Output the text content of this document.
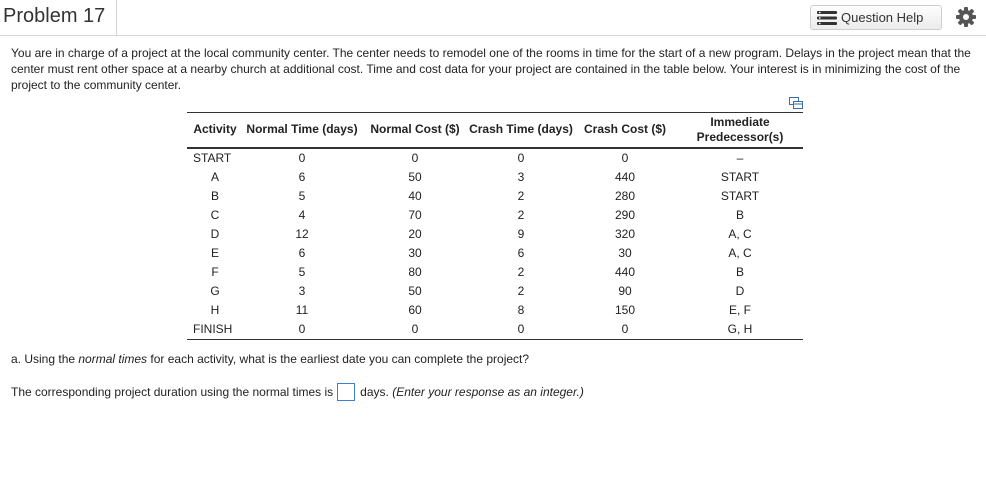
Problem 17	Question Help
You are in charge of a project at the local community center. The center needs to remodel one of the rooms in time for the start of a new program. Delays in the project mean that the center must rent other space at a nearby church at additional cost. Time and cost data for your project are contained in the table below. Your interest is in minimizing the cost of the project to the community center.
Activity	Normal Time (days)	Normal Cost ($)	Crash Time (days)	Crash Cost ($)	Immediate Predecessor(s)
START	0	0	0	0	–
A	6	50	3	440	START
B	5	40	2	280	START
C	4	70	2	290	B
D	12	20	9	320	A, C
E	6	30	6	30	A, C
F	5	80	2	440	B
G	3	50	2	90	D
H	11	60	8	150	E, F
FINISH	0	0	0	0	G, H
a. Using the normal times for each activity, what is the earliest date you can complete the project?
The corresponding project duration using the normal times is days.
(Enter your response as an integer.)
